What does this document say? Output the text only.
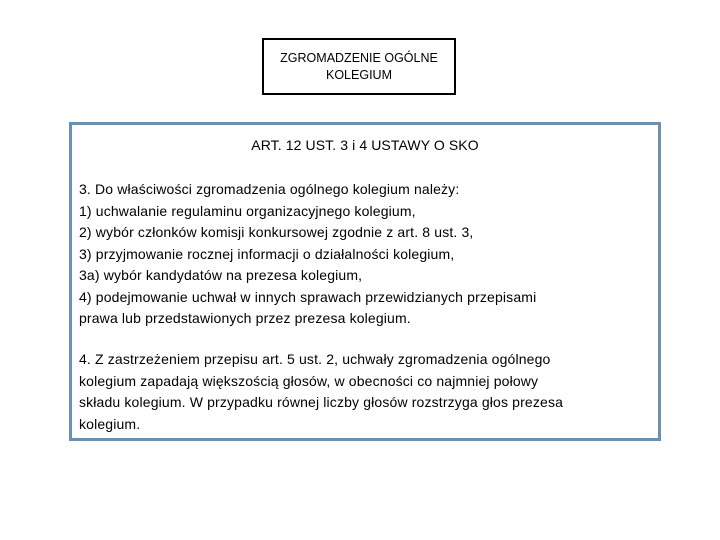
ZGROMADZENIE OGÓLNE
KOLEGIUM
ART. 12 UST. 3 i 4 USTAWY O SKO
3. Do właściwości zgromadzenia ogólnego kolegium należy:
1) uchwalanie regulaminu organizacyjnego kolegium,
2) wybór członków komisji konkursowej zgodnie z art. 8 ust. 3,
3) przyjmowanie rocznej informacji o działalności kolegium,
3a) wybór kandydatów na prezesa kolegium,
4) podejmowanie uchwał w innych sprawach przewidzianych przepisami
prawa lub przedstawionych przez prezesa kolegium.
4. Z zastrzeżeniem przepisu art. 5 ust. 2, uchwały zgromadzenia ogólnego
kolegium zapadają większością głosów, w obecności co najmniej połowy
składu kolegium. W przypadku równej liczby głosów rozstrzyga głos prezesa
kolegium.
